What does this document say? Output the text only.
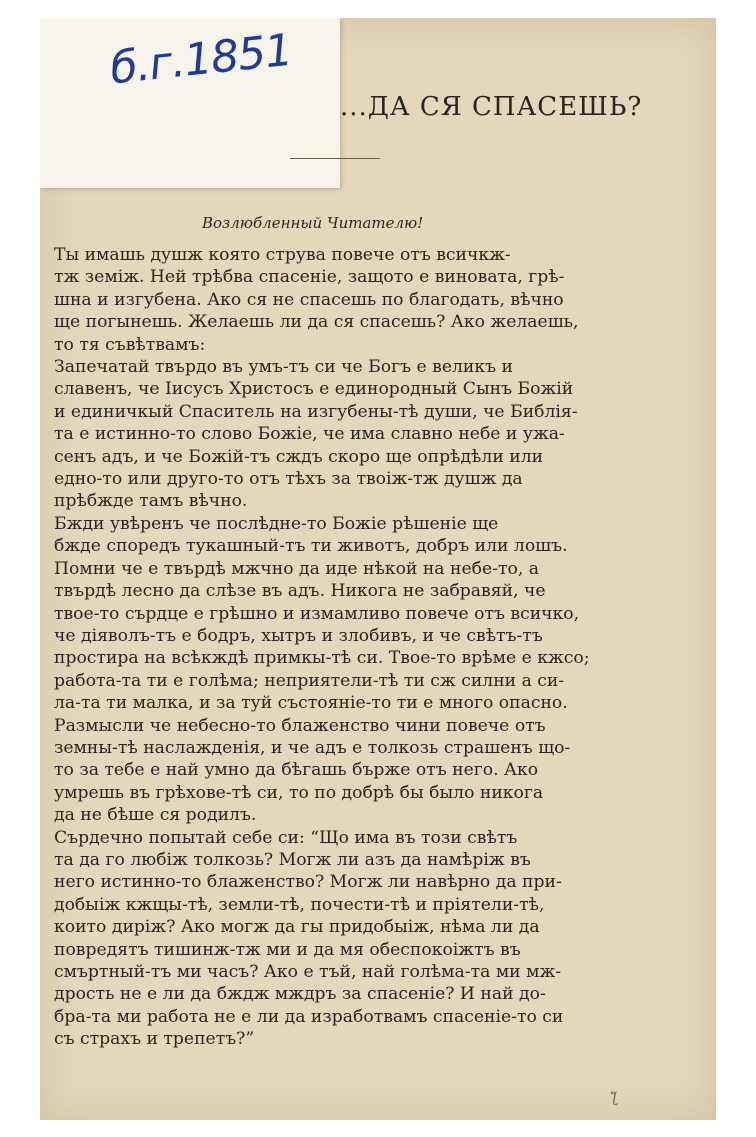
б.г.1851
...ДА СЯ СПАСЕШЬ?
Возлюбленный Читателю!
Ты имашь душж която струва повече отъ всичкж-
тж земіж. Ней трѣбва спасеніе, защото е виновата, грѣ-
шна и изгубена. Ако ся не спасешь по благодать, вѣчно
ще погынешь. Желаешь ли да ся спасешь? Ако желаешь,
то тя съвѣтвамъ:
Запечатай твърдо въ умъ-тъ си че Богъ е великъ и
славенъ, че Іисусъ Христосъ е единородный Сынъ Божій
и единичкый Спаситель на изгубены-тѣ души, че Библія-
та е истинно-то слово Божіе, че има славно небе и ужа-
сенъ адъ, и че Божій-тъ сждъ скоро ще опрѣдѣли или
едно-то или друго-то отъ тѣхъ за твоіж-тж душж да
прѣбжде тамъ вѣчно.
Бжди увѣренъ че послѣдне-то Божіе рѣшеніе ще
бжде споредъ тукашный-тъ ти животъ, добръ или лошъ.
Помни че е твърдѣ мжчно да иде нѣкой на небе-то, а
твърдѣ лесно да слѣзе въ адъ. Никога не забравяй, че
твое-то сърдце е грѣшно и измамливо повече отъ всичко,
че діяволъ-тъ е бодръ, хытръ и злобивъ, и че свѣтъ-тъ
простира на всѣкждѣ примкы-тѣ си. Твое-то врѣме е кжсо;
работа-та ти е голѣма; неприятели-тѣ ти сж силни а си-
ла-та ти малка, и за туй състояніе-то ти е много опасно.
Размысли че небесно-то блаженство чини повече отъ
земны-тѣ наслажденія, и че адъ е толкозь страшенъ що-
то за тебе е най умно да бѣгашь бърже отъ него. Ако
умрешь въ грѣхове-тѣ си, то по добрѣ бы было никога
да не бѣше ся родилъ.
Сърдечно попытай себе си: “Що има въ този свѣтъ
та да го любіж толкозь? Могж ли азъ да намѣріж въ
него истинно-то блаженство? Могж ли навѣрно да при-
добыіж кжщы-тѣ, земли-тѣ, почести-тѣ и пріятели-тѣ,
които диріж? Ако могж да гы придобыіж, нѣма ли да
повредятъ тишинж-тж ми и да мя обеспокоіжтъ въ
смъртный-тъ ми часъ? Ако е тъй, най голѣма-та ми мж-
дрость не е ли да бждж мждръ за спасеніе? И най до-
бра-та ми работа не е ли да изработвамъ спасеніе-то си
съ страхъ и трепетъ?”
ƪ
